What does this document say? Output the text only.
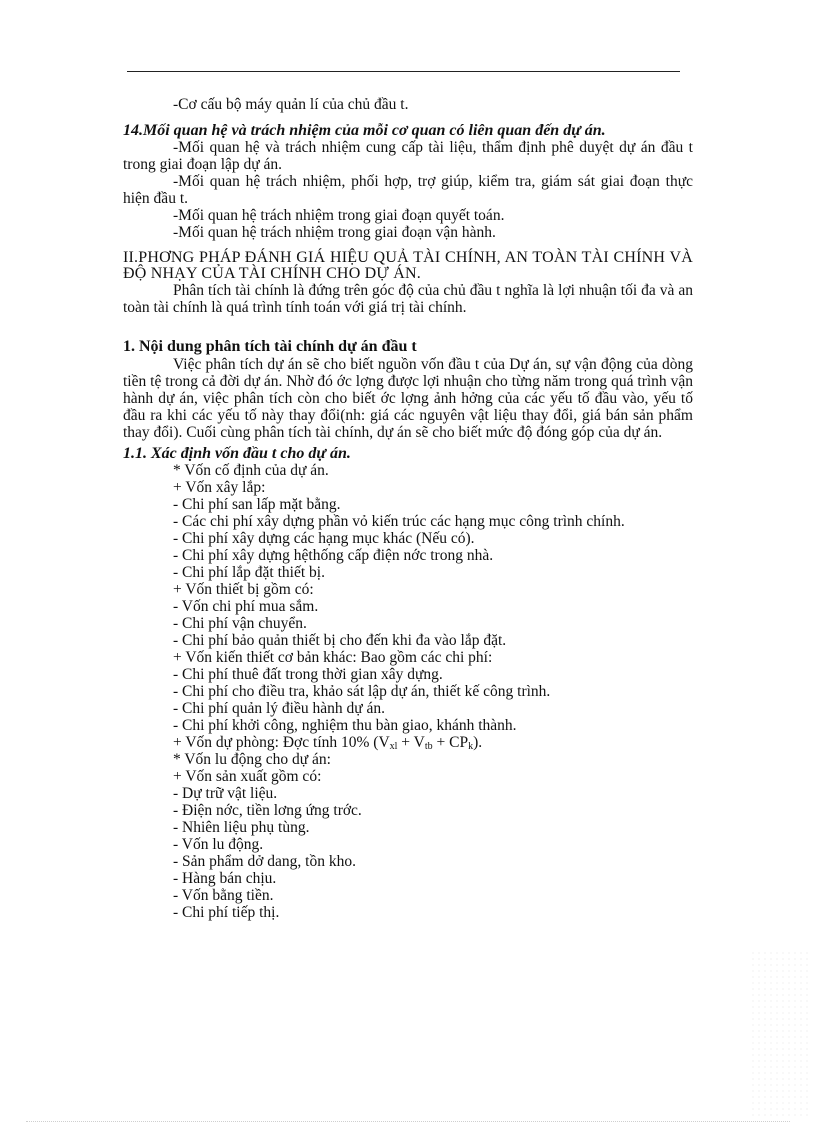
-Cơ cấu bộ máy quản lí của chủ đầu t.

14.Mối quan hệ và trách nhiệm của mỗi cơ quan có liên quan đến dự án.

-Mối quan hệ và trách nhiệm cung cấp tài liệu, thẩm định phê duyệt dự án đầu t trong giai đoạn lập dự án.

-Mối quan hệ trách nhiệm, phối hợp, trợ giúp, kiểm tra, giám sát giai đoạn thực hiện đầu t.

-Mối quan hệ trách nhiệm trong giai đoạn quyết toán.

-Mối quan hệ trách nhiệm trong giai đoạn vận hành.

II.PHƠNG PHÁP ĐÁNH GIÁ HIỆU QUẢ TÀI CHÍNH, AN TOÀN TÀI CHÍNH VÀ ĐỘ NHẠY CỦA TÀI CHÍNH CHO DỰ ÁN.

Phân tích tài chính là đứng trên góc độ của chủ đầu t nghĩa là lợi nhuận tối đa và an toàn tài chính là quá trình tính toán với giá trị tài chính.

1. Nội dung phân tích tài chính dự án đầu t

Việc phân tích dự án sẽ cho biết nguồn vốn đầu t của Dự án, sự vận động của dòng tiền tệ trong cả đời dự án. Nhờ đó ớc lợng được lợi nhuận cho từng năm trong quá trình vận hành dự án, việc phân tích còn cho biết ớc lợng ảnh hởng của các yếu tố đầu vào, yếu tố đầu ra khi các yếu tố này thay đổi(nh: giá các nguyên vật liệu thay đổi, giá bán sản phẩm thay đổi). Cuối cùng phân tích tài chính, dự án sẽ cho biết mức độ đóng góp của dự án.

1.1. Xác định vốn đầu t cho dự án.

* Vốn cố định của dự án.

+ Vốn xây lắp:

- Chi phí san lấp mặt bằng.

- Các chi phí xây dựng phần vỏ kiến trúc các hạng mục công trình chính.

- Chi phí xây dựng các hạng mục khác (Nếu có).

- Chi phí xây dựng hệthống cấp điện nớc trong nhà.

- Chi phí lắp đặt thiết bị.

+ Vốn thiết bị gồm có:

- Vốn chi phí mua sắm.

- Chi phí vận chuyển.

- Chi phí bảo quản thiết bị cho đến khi đa vào lắp đặt.

+ Vốn kiến thiết cơ bản khác: Bao gồm các chi phí:

- Chi phí thuê đất trong thời gian xây dựng.

- Chi phí cho điều tra, khảo sát lập dự án, thiết kế công trình.

- Chi phí quản lý điều hành dự án.

- Chi phí khởi công, nghiệm thu bàn giao, khánh thành.

+ Vốn dự phòng: Đợc tính 10% $(V_{xl} + V_{tb} + CP_k)$.

* Vốn lu động cho dự án:

+ Vốn sản xuất gồm có:

- Dự trữ vật liệu.

- Điện nớc, tiền lơng ứng trớc.

- Nhiên liệu phụ tùng.

- Vốn lu động.

- Sản phẩm dở dang, tồn kho.

- Hàng bán chịu.

- Vốn bằng tiền.

- Chi phí tiếp thị.
